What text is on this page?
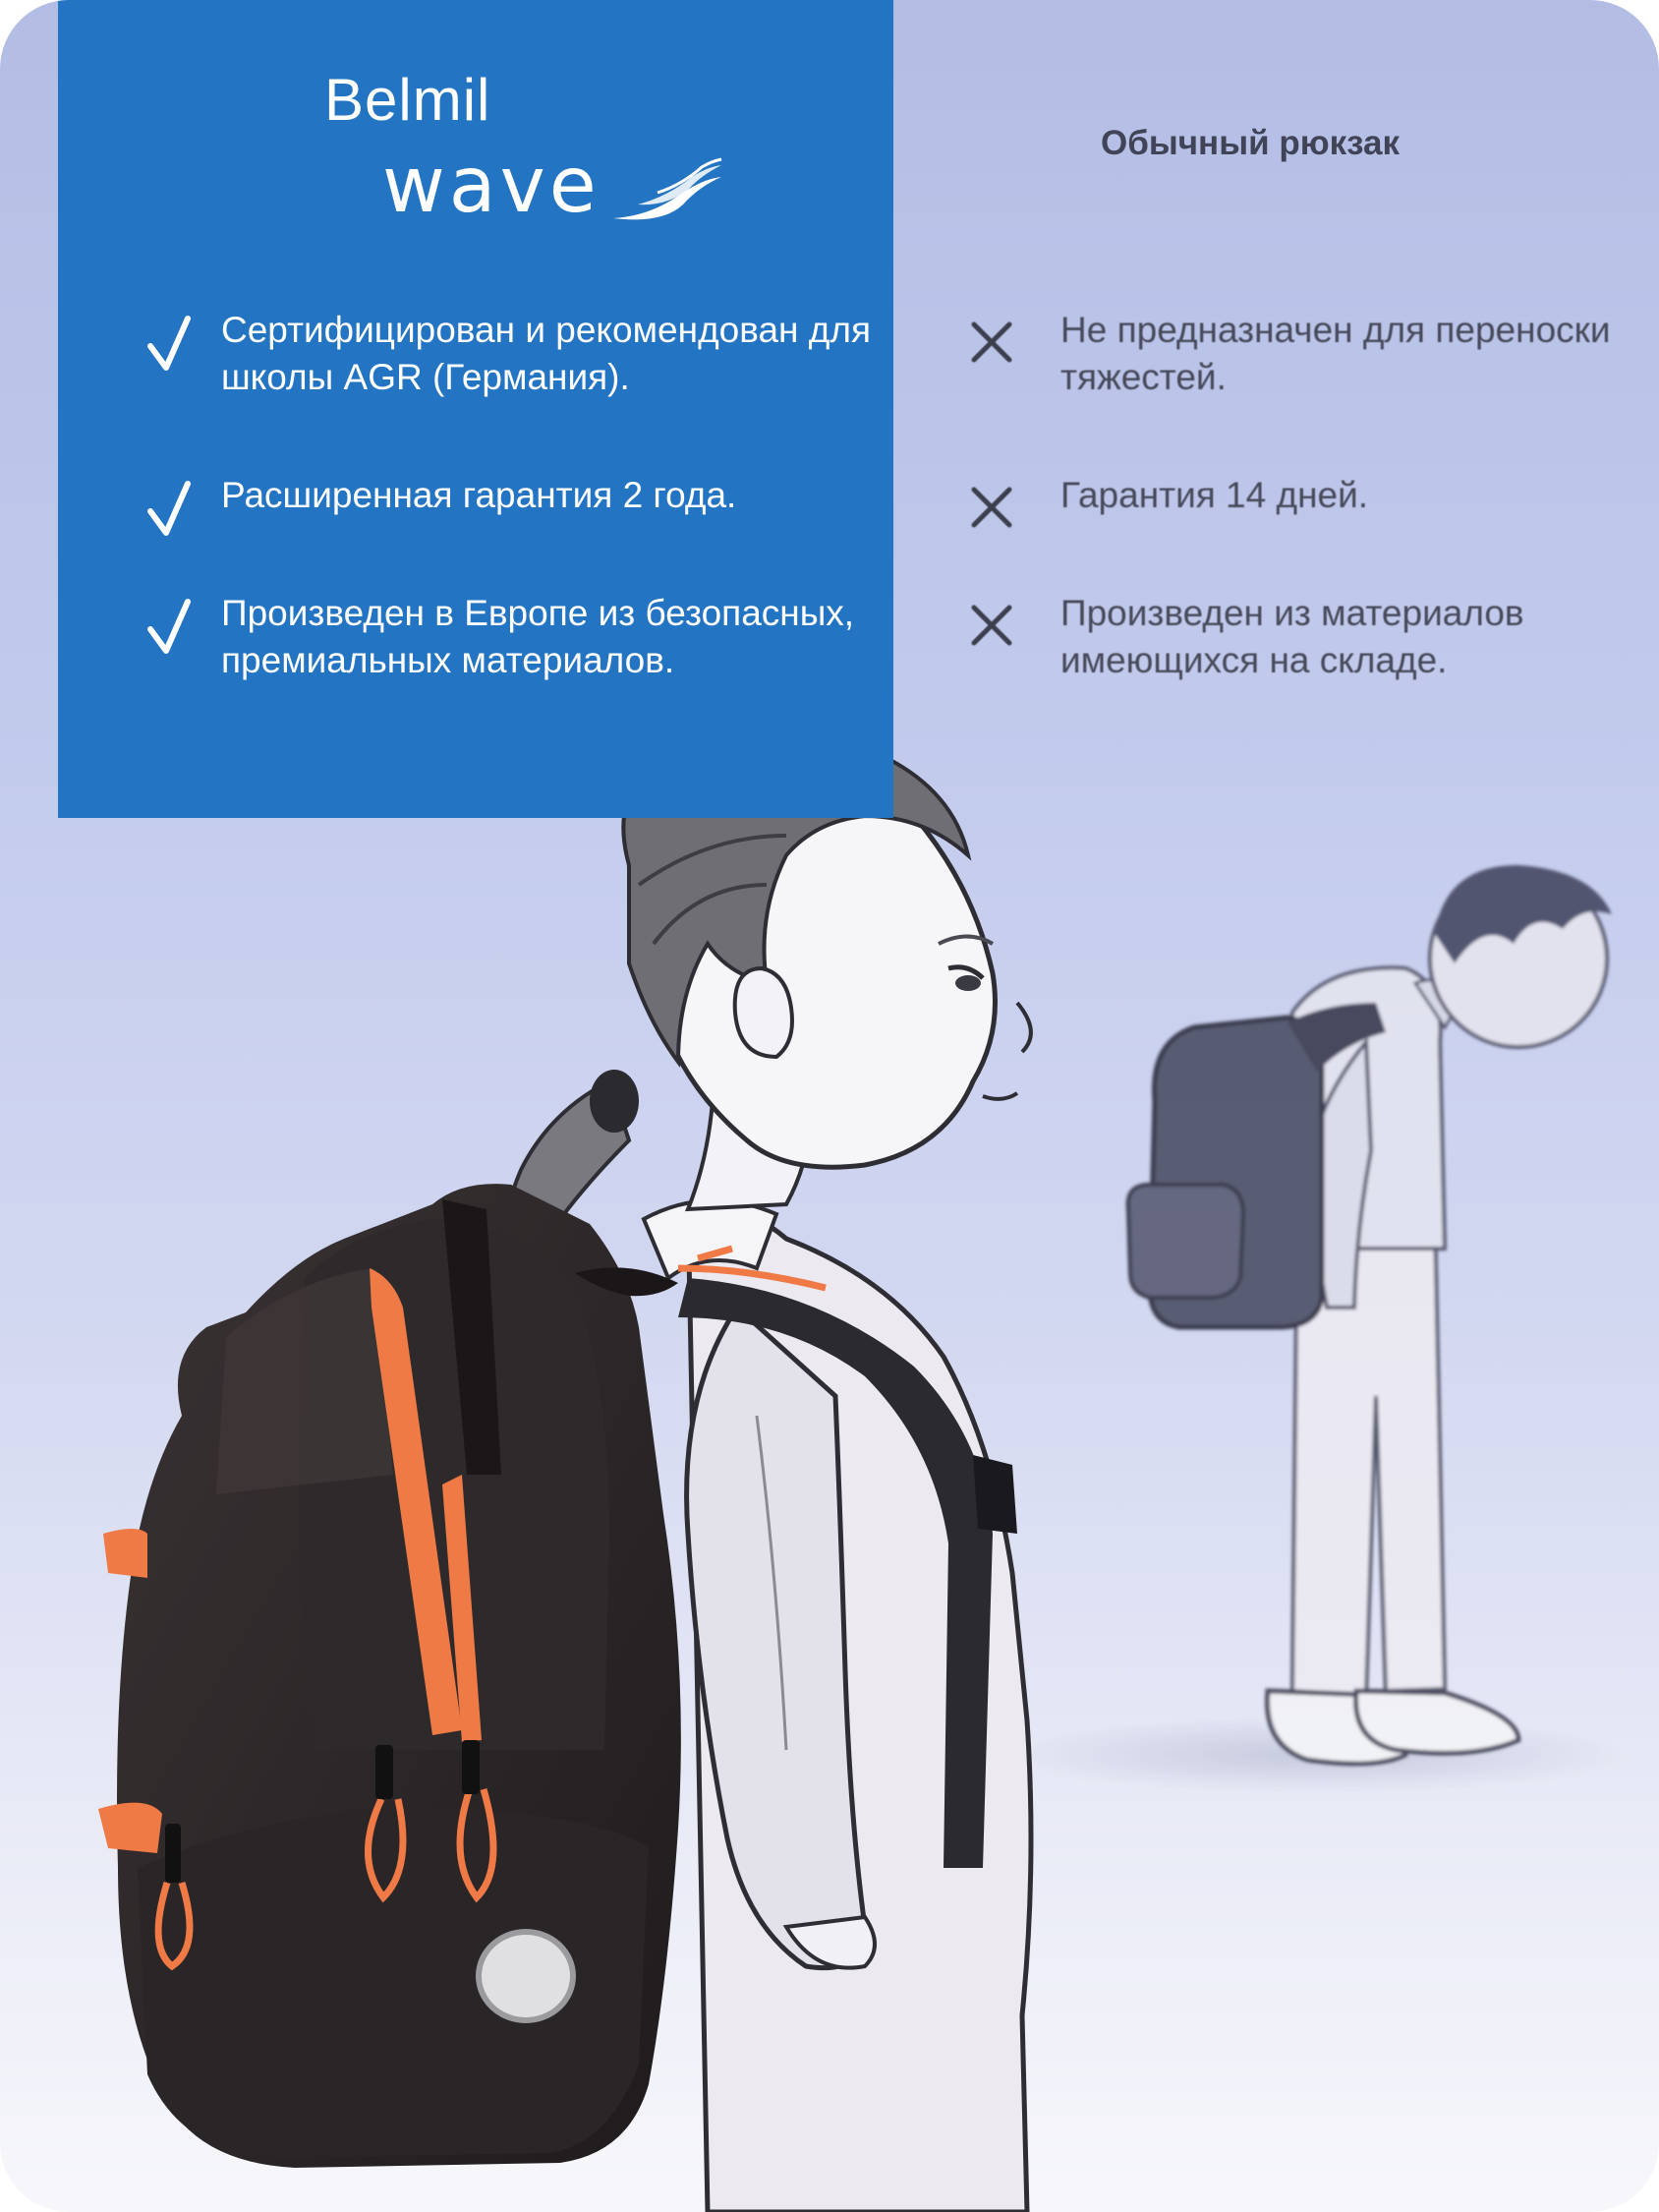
Belmil
wave
Сертифицирован и рекомендован для школы AGR (Германия).
Расширенная гарантия 2 года.
Произведен в Европе из безопасных, премиальных материалов.
Обычный рюкзак
Не предназначен для переноски тяжестей.
Гарантия 14 дней.
Произведен из материалов имеющихся на складе.
